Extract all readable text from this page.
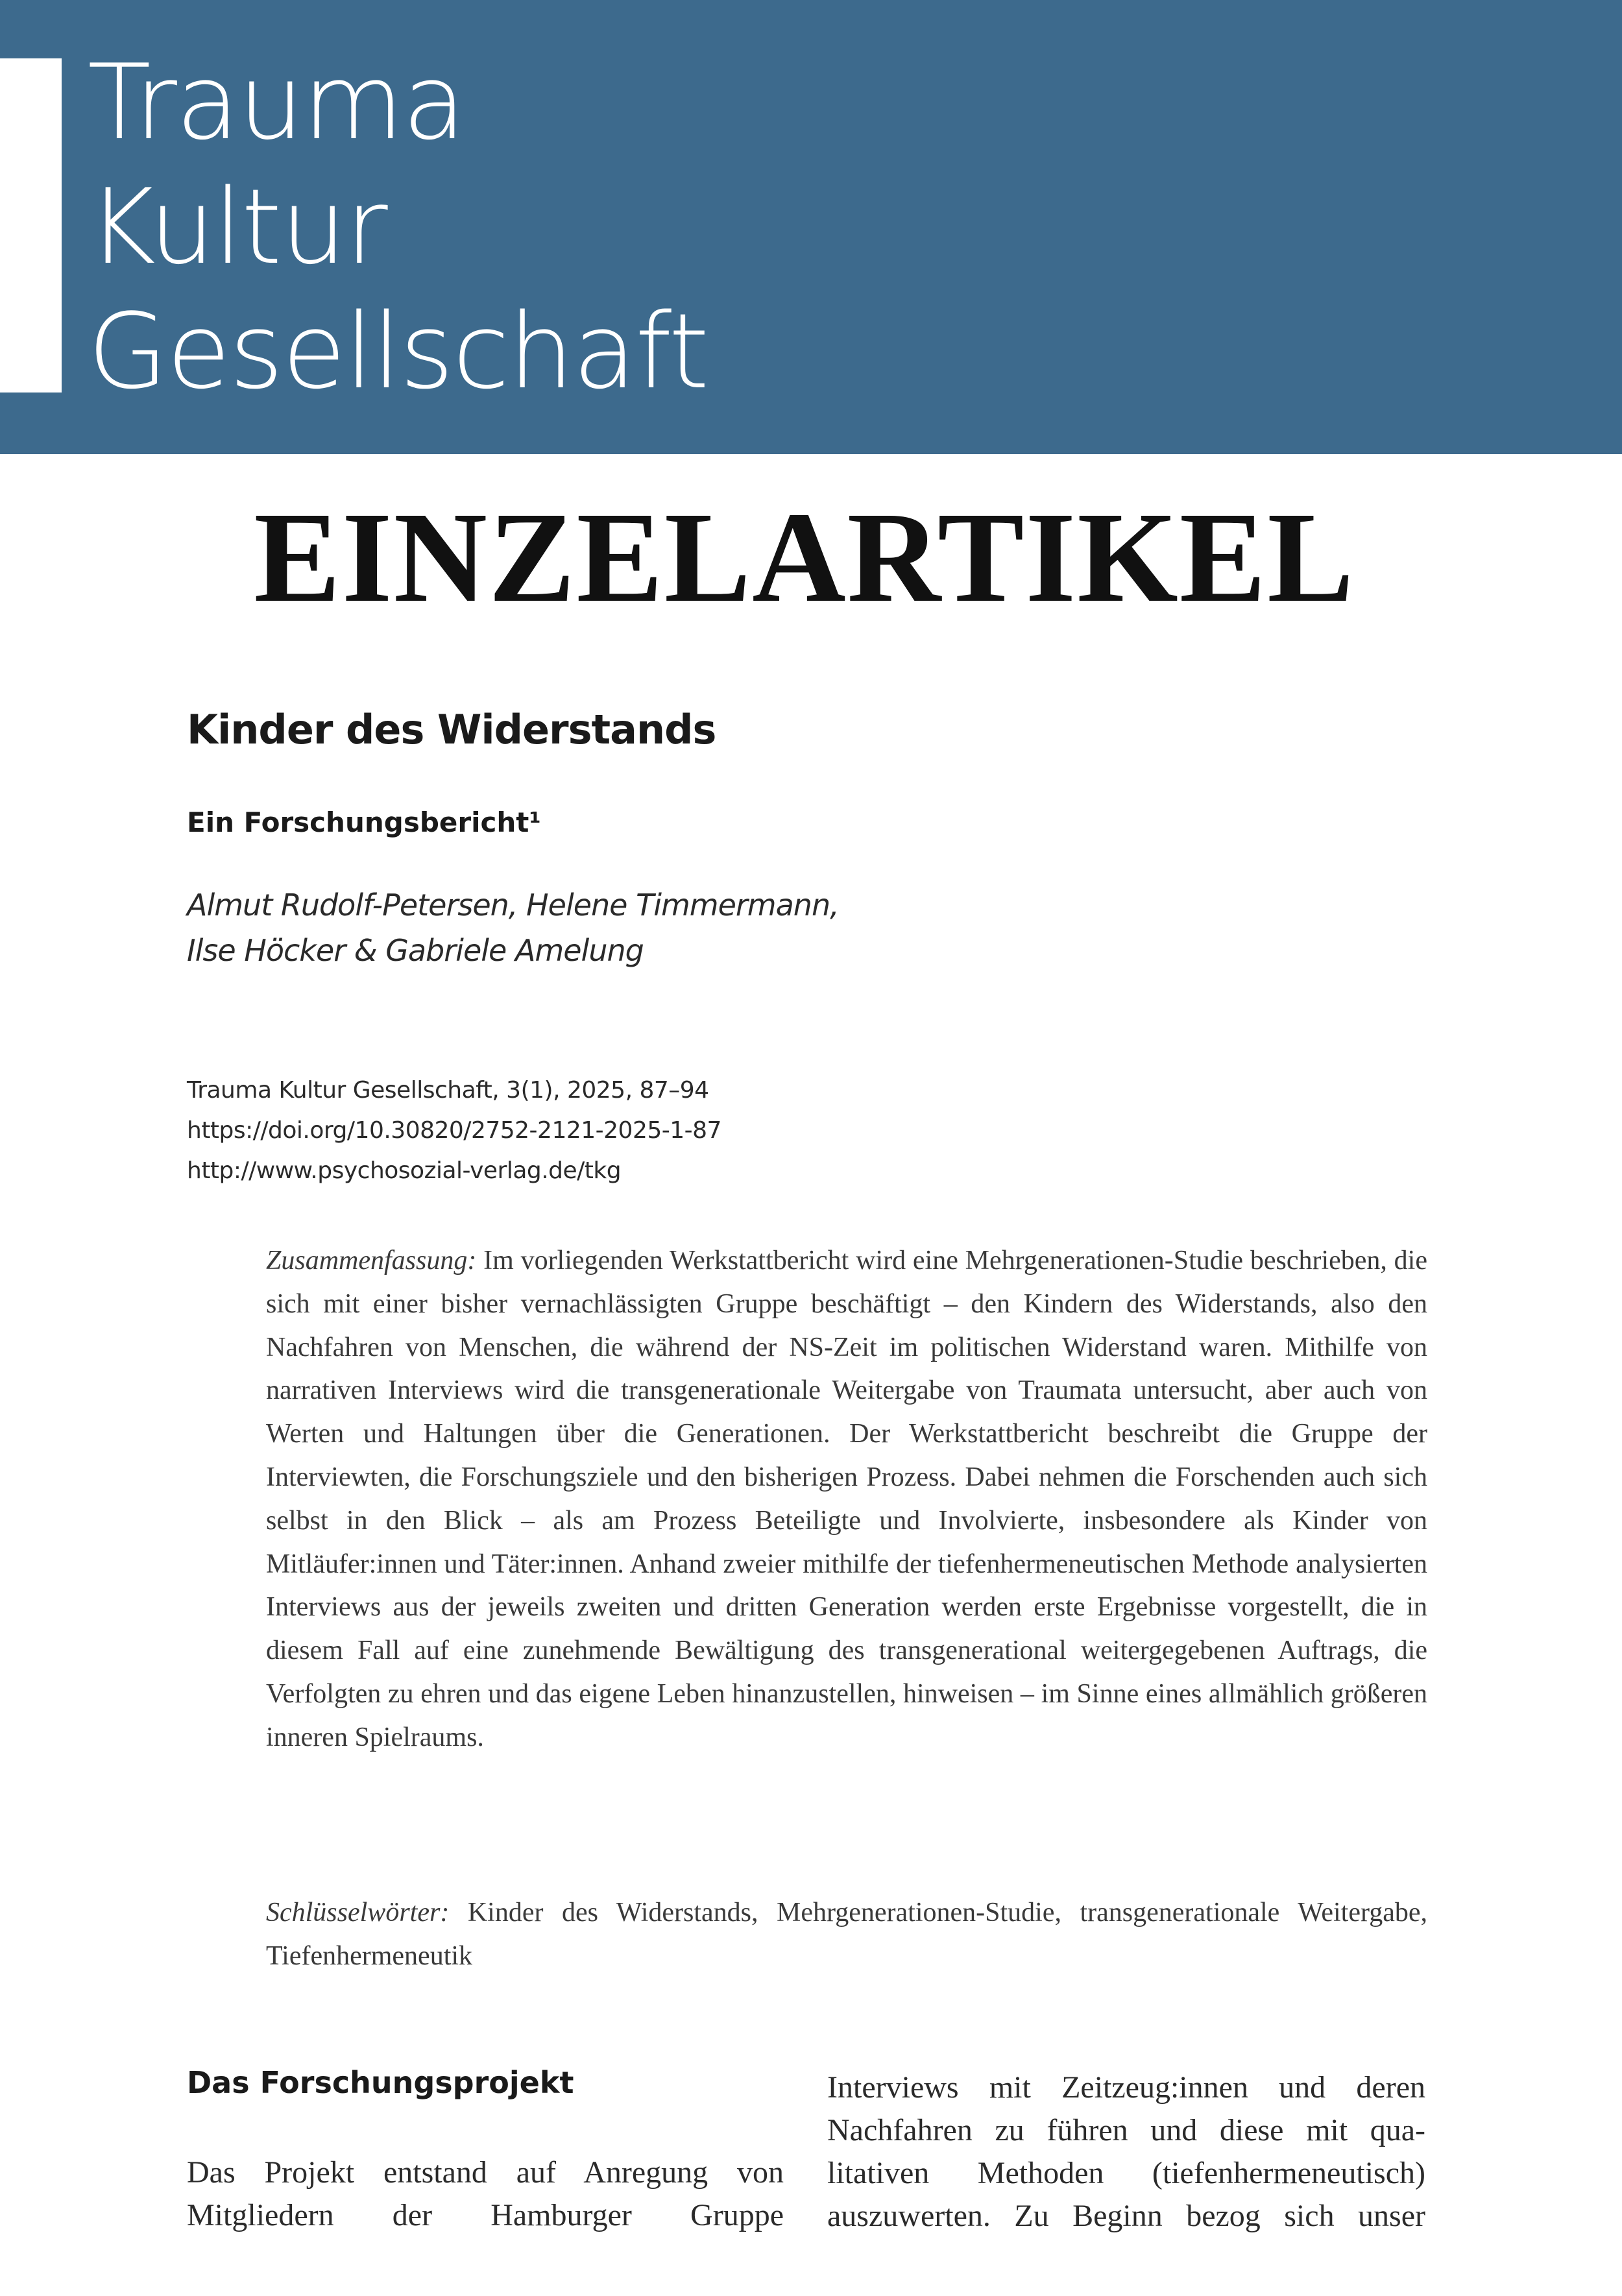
Trauma
Kultur
Gesellschaft
EINZELARTIKEL
Kinder des Widerstands

Ein Forschungsbericht¹

Almut Rudolf-Petersen, Helene Timmermann,
Ilse Höcker & Gabriele Amelung

Trauma Kultur Gesellschaft, 3(1), 2025, 87–94
https://doi.org/10.30820/2752-2121-2025-1-87
http://www.psychosozial-verlag.de/tkg

Zusammenfassung: Im vorliegenden Werkstattbericht wird eine Mehrgenerationen-Studie beschrieben, die sich mit einer bisher vernachlässigten Gruppe beschäftigt – den Kindern des Widerstands, also den Nachfahren von Menschen, die während der NS-Zeit im politischen Widerstand waren. Mithilfe von narrativen Interviews wird die transgenerationale Weitergabe von Traumata untersucht, aber auch von Werten und Haltungen über die Generationen. Der Werkstattbericht beschreibt die Gruppe der Interviewten, die Forschungsziele und den bisherigen Prozess. Dabei nehmen die Forschenden auch sich selbst in den Blick – als am Prozess Beteiligte und Involvierte, insbesondere als Kinder von Mitläufer:innen und Täter:innen. Anhand zweier mithilfe der tiefenhermeneutischen Methode analysierten Interviews aus der jeweils zweiten und dritten Generation werden erste Ergebnisse vorgestellt, die in diesem Fall auf eine zunehmende Bewältigung des transgenerational weitergegebenen Auftrags, die Verfolgten zu ehren und das eigene Leben hinanzustellen, hinweisen – im Sinne eines allmählich größeren inneren Spielraums.

Schlüsselwörter: Kinder des Widerstands, Mehrgenerationen-Studie, transgenerationale Weitergabe, Tiefenhermeneutik

Das Forschungsprojekt

Das Projekt entstand auf Anregung von
Mitgliedern der Hamburger Gruppe

Interviews mit Zeitzeug:innen und deren
Nachfahren zu führen und diese mit qua-
litativen Methoden (tiefenhermeneutisch)
auszuwerten. Zu Beginn bezog sich unser
